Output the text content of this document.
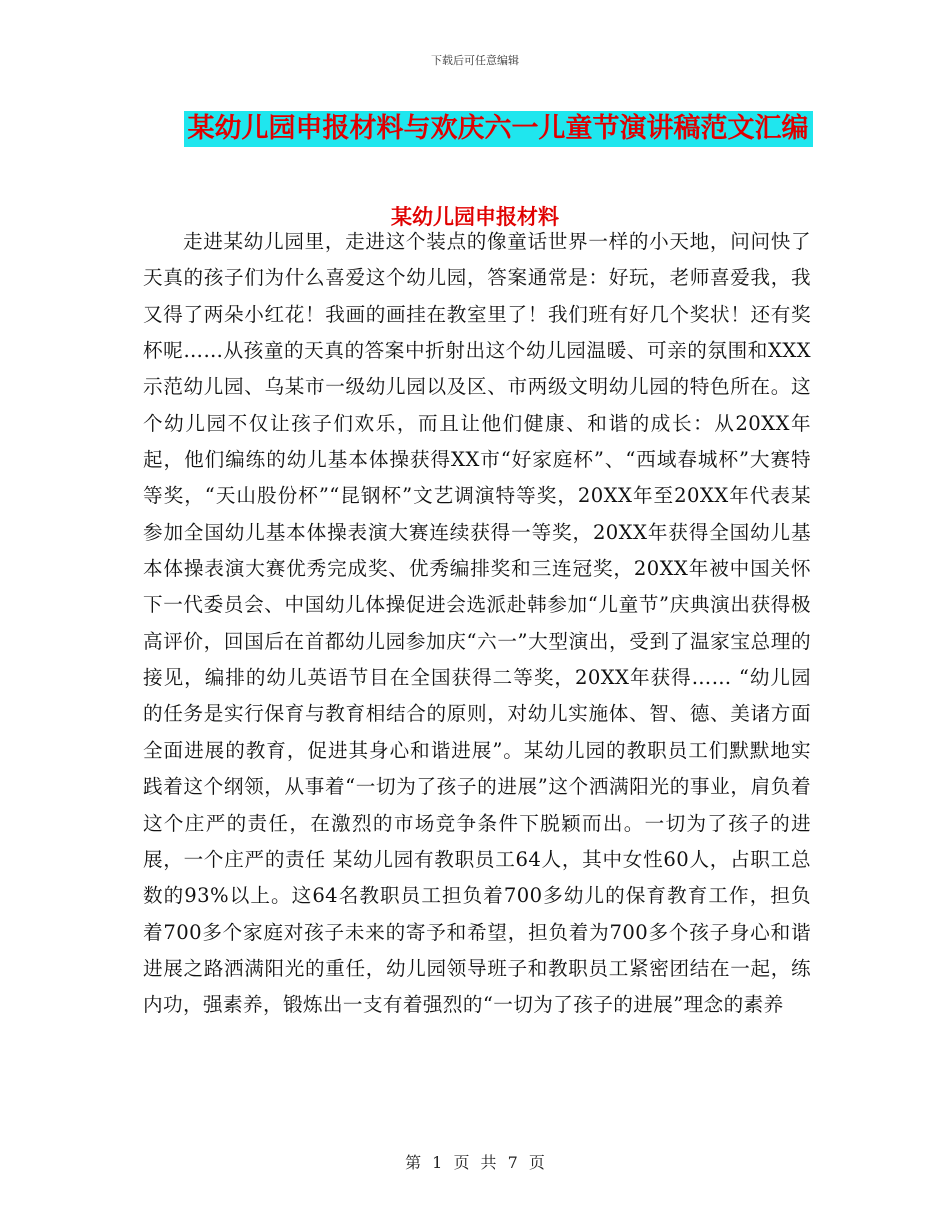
下载后可任意编辑
某幼儿园申报材料与欢庆六一儿童节演讲稿范文汇编
某幼儿园申报材料

走进某幼儿园里，走进这个装点的像童话世界一样的小天地，问问快了天真的孩子们为什么喜爱这个幼儿园，答案通常是：好玩，老师喜爱我，我又得了两朵小红花！我画的画挂在教室里了！我们班有好几个奖状！还有奖杯呢……从孩童的天真的答案中折射出这个幼儿园温暖、可亲的氛围和XXX示范幼儿园、乌某市一级幼儿园以及区、市两级文明幼儿园的特色所在。这个幼儿园不仅让孩子们欢乐，而且让他们健康、和谐的成长：从20XX年起，他们编练的幼儿基本体操获得XX市“好家庭杯”、“西域春城杯”大赛特等奖，“天山股份杯”“昆钢杯”文艺调演特等奖，20XX年至20XX年代表某参加全国幼儿基本体操表演大赛连续获得一等奖，20XX年获得全国幼儿基本体操表演大赛优秀完成奖、优秀编排奖和三连冠奖，20XX年被中国关怀下一代委员会、中国幼儿体操促进会选派赴韩参加“儿童节”庆典演出获得极高评价，回国后在首都幼儿园参加庆“六一”大型演出，受到了温家宝总理的接见，编排的幼儿英语节目在全国获得二等奖，20XX年获得…… “幼儿园的任务是实行保育与教育相结合的原则，对幼儿实施体、智、德、美诸方面全面进展的教育，促进其身心和谐进展”。某幼儿园的教职员工们默默地实践着这个纲领，从事着“一切为了孩子的进展”这个洒满阳光的事业，肩负着这个庄严的责任，在激烈的市场竞争条件下脱颖而出。一切为了孩子的进展，一个庄严的责任 某幼儿园有教职员工64人，其中女性60人，占职工总数的93%以上。这64名教职员工担负着700多幼儿的保育教育工作，担负着700多个家庭对孩子未来的寄予和希望，担负着为700多个孩子身心和谐进展之路洒满阳光的重任，幼儿园领导班子和教职员工紧密团结在一起，练内功，强素养，锻炼出一支有着强烈的“一切为了孩子的进展”理念的素养

第 1 页 共 7 页
